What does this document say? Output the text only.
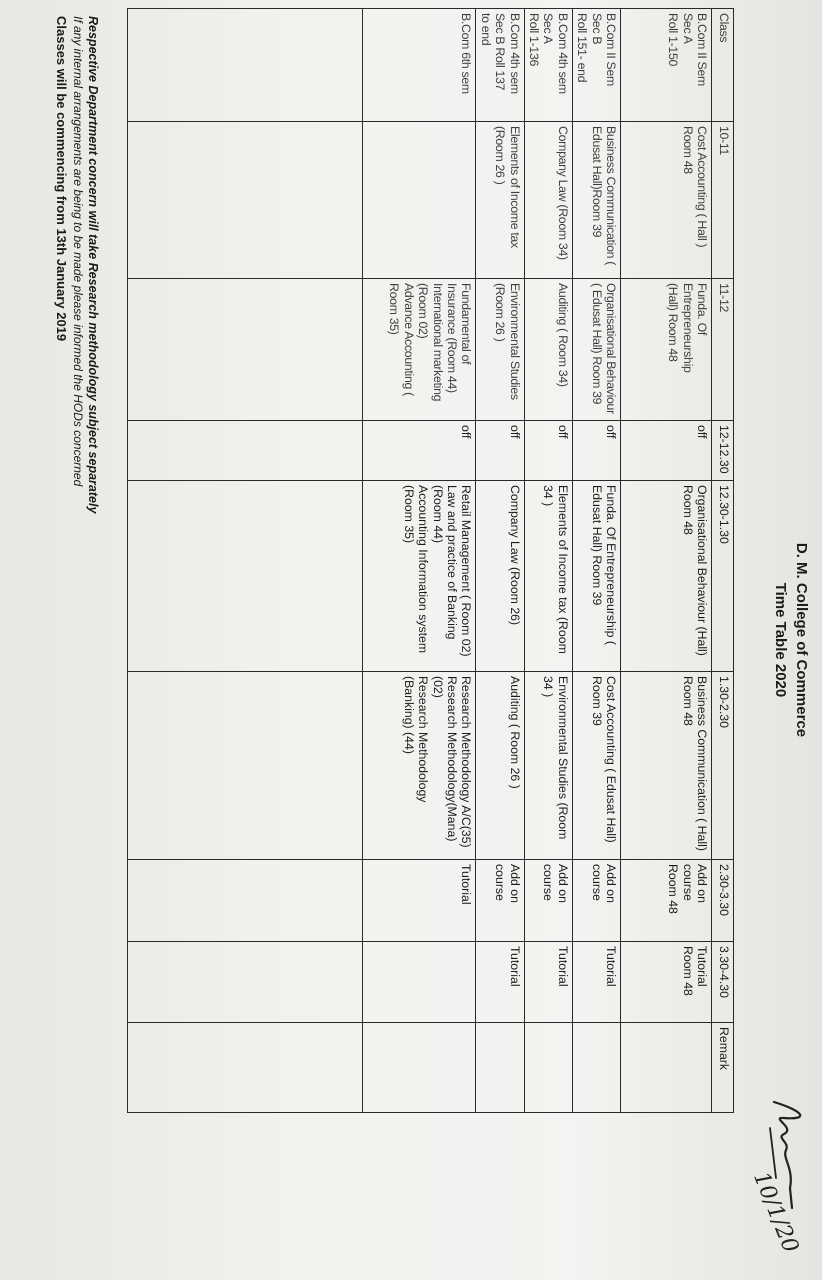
D. M. College of Commerce
Time Table 2020
Class	10-11	11-12	12-12.30	12.30-1.30	1.30-2.30	2.30-3.30	3.30-4.30	Remark
B.Com II Sem
Sec A
Roll 1-150	Cost Accounting ( Hall )
Room 48	Funda. Of Entrepreneurship
(Hall) Room 48	off	Organisational Behaviour (Hall) Room 48	Business Communication ( Hall) Room 48	Add on course Room 48	Tutorial Room 48	
B.Com II Sem
Sec B
Roll 151- end	Business Communication ( Edusat Hall)Room 39	Organisational Behaviour ( Edusat Hall) Room 39	off	Funda. Of Entrepreneurship ( Edusat Hall) Room 39	Cost Accounting ( Edusat Hall) Room 39	Add on course	Tutorial	
B.Com 4th sem
Sec A
Roll 1-136	Company Law (Room 34)	Auditing ( Room 34)	off	Elements of Income tax (Room 34 )	Environmental Studies (Room 34 )	Add on course	Tutorial	
B.Com 4th sem
Sec B Roll 137
to end	Elements of Income tax (Room 26 )	Environmental Studies (Room 26 )	off	Company Law (Room 26)	Auditing ( Room 26 )	Add on course	Tutorial	
B.Com 6th sem		Fundamental of Insurance (Room 44)
International marketing (Room 02)
Advance Accounting ( Room 35)	off	Retail Management ( Room 02)
Law and practice of Banking (Room 44)
Accounting Information system (Room 35)	Research Methodology A/C(35)
Research Methodology(Mana) (02)
Research Methodology (Banking) (44)	Tutorial		

Respective Department concern will take Research methodology subject separately
If any internal arrangements are being to be made please informed the HODs concerned
Classes will be commencing from 13th January 2019
10/1/20
